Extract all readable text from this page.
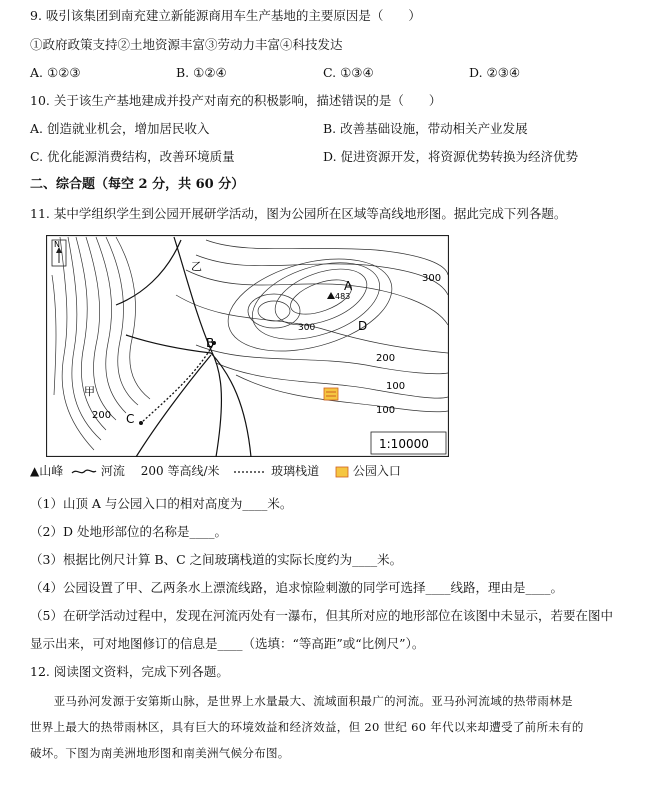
9. 吸引该集团到南充建立新能源商用车生产基地的主要原因是（　　）
①政府政策支持②土地资源丰富③劳动力丰富④科技发达
A. ①②③	B. ①②④	C. ①③④	D. ②③④
10. 关于该生产基地建成并投产对南充的积极影响，描述错误的是（　　）
A. 创造就业机会，增加居民收入	B. 改善基础设施，带动相关产业发展
C. 优化能源消费结构，改善环境质量	D. 促进资源开发，将资源优势转换为经济优势
二、综合题（每空 2 分，共 60 分）
11. 某中学组织学生到公园开展研学活动，图为公园所在区域等高线地形图。据此完成下列各题。
N
乙
甲
B
C
483
A
D
300
300
200
100
100
200
1:10000
▲山峰	河流 200 等高线/米	玻璃栈道	公园入口
（1）山顶 A 与公园入口的相对高度为____米。
（2）D 处地形部位的名称是____。
（3）根据比例尺计算 B、C 之间玻璃栈道的实际长度约为____米。
（4）公园设置了甲、乙两条水上漂流线路，追求惊险刺激的同学可选择____线路，理由是____。
（5）在研学活动过程中，发现在河流丙处有一瀑布，但其所对应的地形部位在该图中未显示，若要在图中
显示出来，可对地图修订的信息是____（选填：“等高距”或“比例尺”）。
12. 阅读图文资料，完成下列各题。
　　亚马孙河发源于安第斯山脉，是世界上水量最大、流域面积最广的河流。亚马孙河流域的热带雨林是
世界上最大的热带雨林区，具有巨大的环境效益和经济效益，但 20 世纪 60 年代以来却遭受了前所未有的
破坏。下图为南美洲地形图和南美洲气候分布图。
